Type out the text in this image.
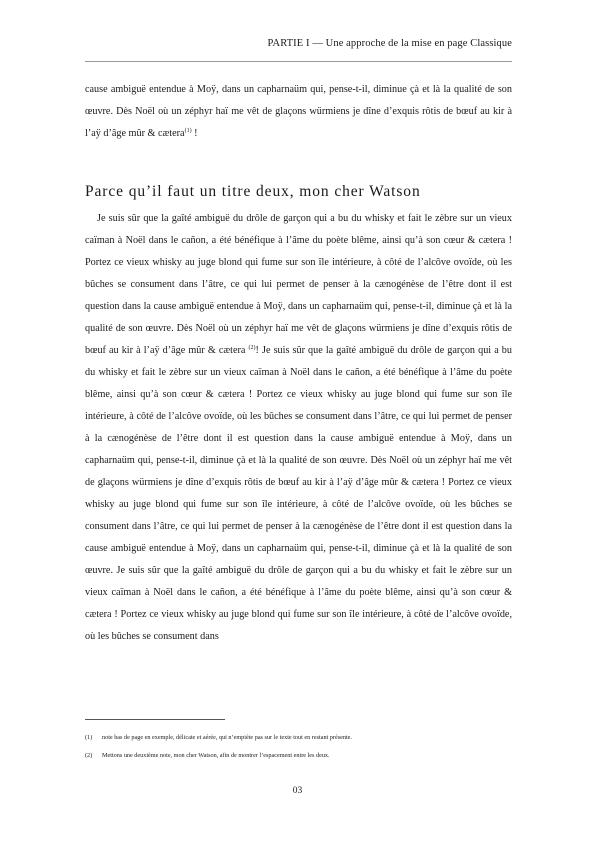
PARTIE I — Une approche de la mise en page Classique

cause ambiguë entendue à Moÿ, dans un capharnaüm qui, pense-t-il, diminue çà et là la qualité de son œuvre. Dès Noël où un zéphyr haï me vêt de glaçons würmiens je dîne d’exquis rôtis de bœuf au kir à l’aÿ d’âge mûr & cætera$^{(1)}$ !

Parce qu’il faut un titre deux, mon cher Watson

Je suis sûr que la gaîté ambiguë du drôle de garçon qui a bu du whisky et fait le zèbre sur un vieux caïman à Noël dans le cañon, a été bénéfique à l’âme du poète blême, ainsi qu’à son cœur & cætera ! Portez ce vieux whisky au juge blond qui fume sur son île intérieure, à côté de l’alcôve ovoïde, où les bûches se consument dans l’âtre, ce qui lui permet de penser à la cænogénèse de l’être dont il est question dans la cause ambiguë entendue à Moÿ, dans un capharnaüm qui, pense-t-il, diminue çà et là la qualité de son œuvre. Dès Noël où un zéphyr haï me vêt de glaçons würmiens je dîne d’exquis rôtis de bœuf au kir à l’aÿ d’âge mûr & cætera $^{(2)}$! Je suis sûr que la gaîté ambiguë du drôle de garçon qui a bu du whisky et fait le zèbre sur un vieux caïman à Noël dans le cañon, a été bénéfique à l’âme du poète blême, ainsi qu’à son cœur & cætera ! Portez ce vieux whisky au juge blond qui fume sur son île intérieure, à côté de l’alcôve ovoïde, où les bûches se consument dans l’âtre, ce qui lui permet de penser à la cænogénèse de l’être dont il est question dans la cause ambiguë entendue à Moÿ, dans un capharnaüm qui, pense-t-il, diminue çà et là la qualité de son œuvre. Dès Noël où un zéphyr haï me vêt de glaçons würmiens je dîne d’exquis rôtis de bœuf au kir à l’aÿ d’âge mûr & cætera ! Portez ce vieux whisky au juge blond qui fume sur son île intérieure, à côté de l’alcôve ovoïde, où les bûches se consument dans l’âtre, ce qui lui permet de penser à la cænogénèse de l’être dont il est question dans la cause ambiguë entendue à Moÿ, dans un capharnaüm qui, pense-t-il, diminue çà et là la qualité de son œuvre. Je suis sûr que la gaîté ambiguë du drôle de garçon qui a bu du whisky et fait le zèbre sur un vieux caïman à Noël dans le cañon, a été bénéfique à l’âme du poète blême, ainsi qu’à son cœur & cætera ! Portez ce vieux whisky au juge blond qui fume sur son île intérieure, à côté de l’alcôve ovoïde, où les bûches se consument dans

(1) note bas de page en exemple, délicate et aérée, qui n’empiète pas sur le texte tout en restant présente.
(2) Mettons une deuxième note, mon cher Watson, afin de montrer l’espacement entre les deux.
03
